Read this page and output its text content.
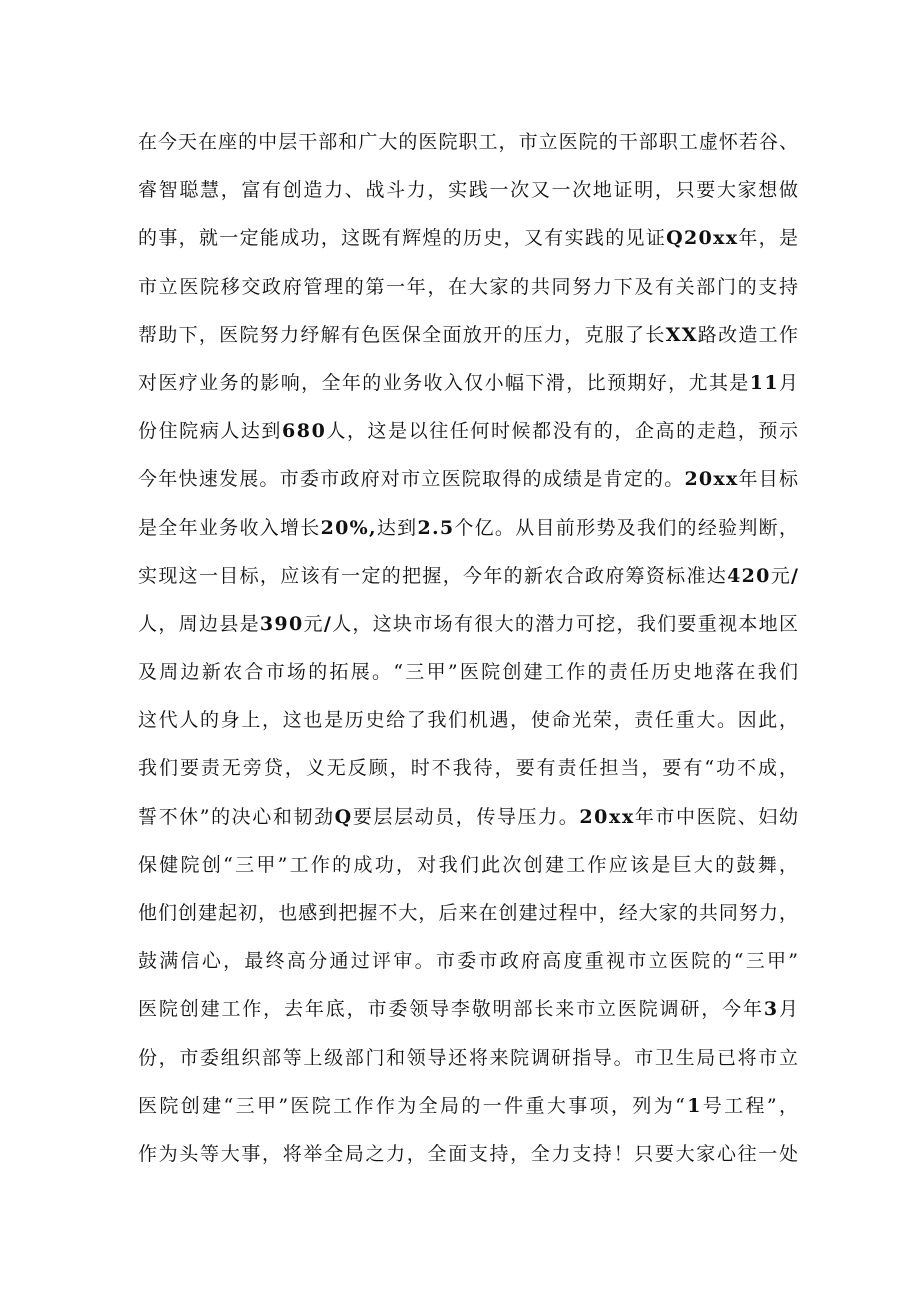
在今天在座的中层干部和广大的医院职工，市立医院的干部职工虚怀若谷、
睿智聪慧，富有创造力、战斗力，实践一次又一次地证明，只要大家想做
的事，就一定能成功，这既有辉煌的历史，又有实践的见证Q20xx年，是
市立医院移交政府管理的第一年，在大家的共同努力下及有关部门的支持
帮助下，医院努力纾解有色医保全面放开的压力，克服了长XX路改造工作
对医疗业务的影响，全年的业务收入仅小幅下滑，比预期好，尤其是11月
份住院病人达到680人，这是以往任何时候都没有的，企高的走趋，预示
今年快速发展。市委市政府对市立医院取得的成绩是肯定的。20xx年目标
是全年业务收入增长20%,达到2.5个亿。从目前形势及我们的经验判断，
实现这一目标，应该有一定的把握，今年的新农合政府筹资标准达420元/
人，周边县是390元/人，这块市场有很大的潜力可挖，我们要重视本地区
及周边新农合市场的拓展。“三甲”医院创建工作的责任历史地落在我们
这代人的身上，这也是历史给了我们机遇，使命光荣，责任重大。因此，
我们要责无旁贷，义无反顾，时不我待，要有责任担当，要有“功不成，
誓不休”的决心和韧劲Q要层层动员，传导压力。20xx年市中医院、妇幼
保健院创“三甲”工作的成功，对我们此次创建工作应该是巨大的鼓舞，
他们创建起初，也感到把握不大，后来在创建过程中，经大家的共同努力，
鼓满信心，最终高分通过评审。市委市政府高度重视市立医院的“三甲”
医院创建工作，去年底，市委领导李敬明部长来市立医院调研，今年3月
份，市委组织部等上级部门和领导还将来院调研指导。市卫生局已将市立
医院创建“三甲”医院工作作为全局的一件重大事项，列为“1号工程”，
作为头等大事，将举全局之力，全面支持，全力支持！只要大家心往一处
